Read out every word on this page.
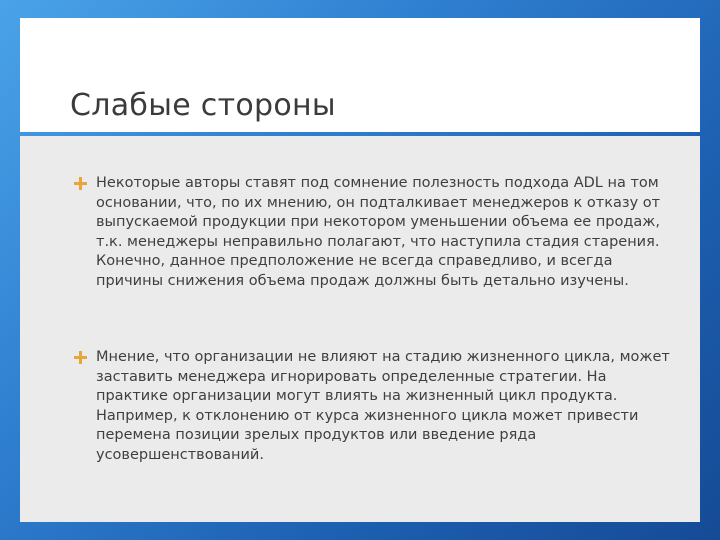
Слабые стороны
Некоторые авторы ставят под сомнение полезность подхода ADL на том основании, что, по их мнению, он подталкивает менеджеров к отказу от выпускаемой продукции при некотором уменьшении объема ее продаж, т.к. менеджеры неправильно полагают, что наступила стадия старения. Конечно, данное предположение не всегда справедливо, и всегда причины снижения объема продаж должны быть детально изучены.
Мнение, что организации не влияют на стадию жизненного цикла, может заставить менеджера игнорировать определенные стратегии. На практике организации могут влиять на жизненный цикл продукта. Например, к отклонению от курса жизненного цикла может привести перемена позиции зрелых продуктов или введение ряда усовершенствований.
